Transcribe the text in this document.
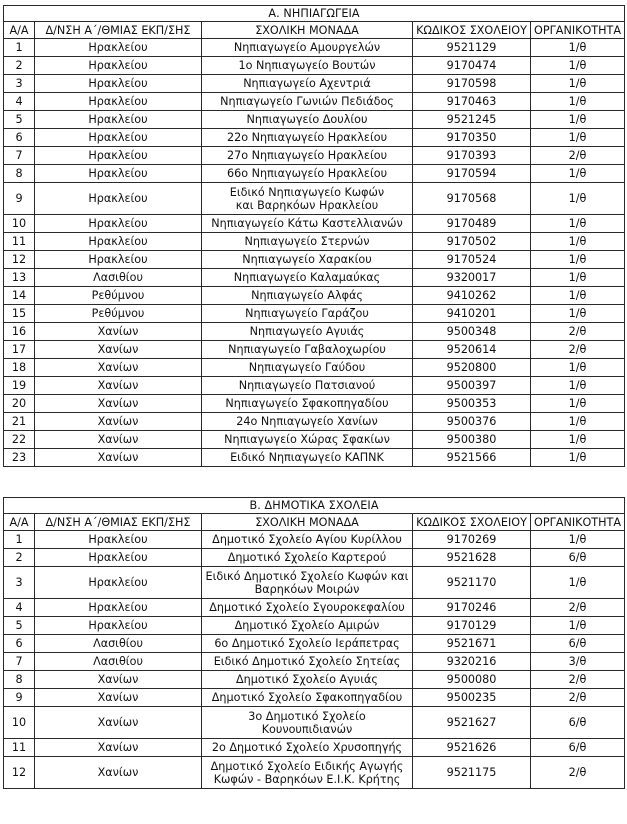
Α. ΝΗΠΙΑΓΩΓΕΙΑ				
Α/Α	Δ/ΝΣΗ Α΄/ΘΜΙΑΣ ΕΚΠ/ΣΗΣ	ΣΧΟΛΙΚΗ ΜΟΝΑΔΑ	ΚΩΔΙΚΟΣ ΣΧΟΛΕΙΟΥ	ΟΡΓΑΝΙΚΟΤΗΤΑ
1	Ηρακλείου	Νηπιαγωγείο Αμουργελών	9521129	1/θ
2	Ηρακλείου	1ο Νηπιαγωγείο Βουτών	9170474	1/θ
3	Ηρακλείου	Νηπιαγωγείο Αχεντριά	9170598	1/θ
4	Ηρακλείου	Νηπιαγωγείο Γωνιών Πεδιάδος	9170463	1/θ
5	Ηρακλείου	Νηπιαγωγείο Δουλίου	9521245	1/θ
6	Ηρακλείου	22ο Νηπιαγωγείο Ηρακλείου	9170350	1/θ
7	Ηρακλείου	27ο Νηπιαγωγείο Ηρακλείου	9170393	2/θ
8	Ηρακλείου	66ο Νηπιαγωγείο Ηρακλείου	9170594	1/θ
9	Ηρακλείου	Ειδικό Νηπιαγωγείο Κωφών
και Βαρηκόων Ηρακλείου	9170568	1/θ
10	Ηρακλείου	Νηπιαγωγείο Κάτω Καστελλιανών	9170489	1/θ
11	Ηρακλείου	Νηπιαγωγείο Στερνών	9170502	1/θ
12	Ηρακλείου	Νηπιαγωγείο Χαρακίου	9170524	1/θ
13	Λασιθίου	Νηπιαγωγείο Καλαμαύκας	9320017	1/θ
14	Ρεθύμνου	Νηπιαγωγείο Αλφάς	9410262	1/θ
15	Ρεθύμνου	Νηπιαγωγείο Γαράζου	9410201	1/θ
16	Χανίων	Νηπιαγωγείο Αγυιάς	9500348	2/θ
17	Χανίων	Νηπιαγωγείο Γαβαλοχωρίου	9520614	2/θ
18	Χανίων	Νηπιαγωγείο Γαύδου	9520800	1/θ
19	Χανίων	Νηπιαγωγείο Πατσιανού	9500397	1/θ
20	Χανίων	Νηπιαγωγείο Σφακοπηγαδίου	9500353	1/θ
21	Χανίων	24ο Νηπιαγωγείο Χανίων	9500376	1/θ
22	Χανίων	Νηπιαγωγείο Χώρας Σφακίων	9500380	1/θ
23	Χανίων	Ειδικό Νηπιαγωγείο ΚΑΠΝΚ	9521566	1/θ
Β. ΔΗΜΟΤΙΚΑ ΣΧΟΛΕΙΑ				
Α/Α	Δ/ΝΣΗ Α΄/ΘΜΙΑΣ ΕΚΠ/ΣΗΣ	ΣΧΟΛΙΚΗ ΜΟΝΑΔΑ	ΚΩΔΙΚΟΣ ΣΧΟΛΕΙΟΥ	ΟΡΓΑΝΙΚΟΤΗΤΑ
1	Ηρακλείου	Δημοτικό Σχολείο Αγίου Κυρίλλου	9170269	1/θ
2	Ηρακλείου	Δημοτικό Σχολείο Καρτερού	9521628	6/θ
3	Ηρακλείου	Ειδικό Δημοτικό Σχολείο Κωφών και
Βαρηκόων Μοιρών	9521170	1/θ
4	Ηρακλείου	Δημοτικό Σχολείο Σγουροκεφαλίου	9170246	2/θ
5	Ηρακλείου	Δημοτικό Σχολείο Αμιρών	9170129	1/θ
6	Λασιθίου	6ο Δημοτικό Σχολείο Ιεράπετρας	9521671	6/θ
7	Λασιθίου	Ειδικό Δημοτικό Σχολείο Σητείας	9320216	3/θ
8	Χανίων	Δημοτικό Σχολείο Αγυιάς	9500080	2/θ
9	Χανίων	Δημοτικό Σχολείο Σφακοπηγαδίου	9500235	2/θ
10	Χανίων	3ο Δημοτικό Σχολείο
Κουνουπιδιανών	9521627	6/θ
11	Χανίων	2ο Δημοτικό Σχολείο Χρυσοπηγής	9521626	6/θ
12	Χανίων	Δημοτικό Σχολείο Ειδικής Αγωγής
Κωφών - Βαρηκόων Ε.Ι.Κ. Κρήτης	9521175	2/θ
